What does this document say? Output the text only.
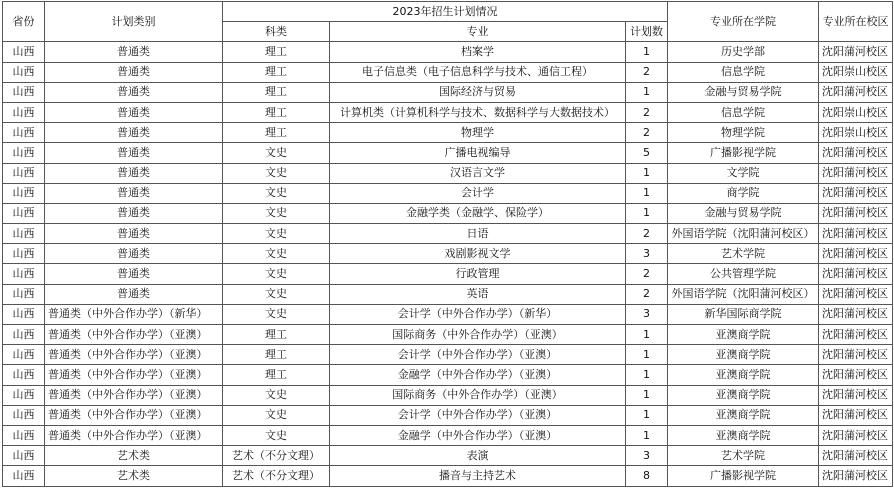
省份	计划类别	2023年招生计划情况			专业所在学院	专业所在校区
		科类	专业	计划数		
山西	普通类	理工	档案学	1	历史学部	沈阳蒲河校区
山西	普通类	理工	电子信息类（电子信息科学与技术、通信工程）	2	信息学院	沈阳崇山校区
山西	普通类	理工	国际经济与贸易	1	金融与贸易学院	沈阳蒲河校区
山西	普通类	理工	计算机类（计算机科学与技术、数据科学与大数据技术）	2	信息学院	沈阳崇山校区
山西	普通类	理工	物理学	2	物理学院	沈阳崇山校区
山西	普通类	文史	广播电视编导	5	广播影视学院	沈阳蒲河校区
山西	普通类	文史	汉语言文学	1	文学院	沈阳蒲河校区
山西	普通类	文史	会计学	1	商学院	沈阳蒲河校区
山西	普通类	文史	金融学类（金融学、保险学）	1	金融与贸易学院	沈阳蒲河校区
山西	普通类	文史	日语	2	外国语学院（沈阳蒲河校区）	沈阳蒲河校区
山西	普通类	文史	戏剧影视文学	3	艺术学院	沈阳蒲河校区
山西	普通类	文史	行政管理	2	公共管理学院	沈阳蒲河校区
山西	普通类	文史	英语	2	外国语学院（沈阳蒲河校区）	沈阳蒲河校区
山西	普通类（中外合作办学）（新华）	文史	会计学（中外合作办学）（新华）	3	新华国际商学院	沈阳蒲河校区
山西	普通类（中外合作办学）（亚澳）	理工	国际商务（中外合作办学）（亚澳）	1	亚澳商学院	沈阳蒲河校区
山西	普通类（中外合作办学）（亚澳）	理工	会计学（中外合作办学）（亚澳）	1	亚澳商学院	沈阳蒲河校区
山西	普通类（中外合作办学）（亚澳）	理工	金融学（中外合作办学）（亚澳）	1	亚澳商学院	沈阳蒲河校区
山西	普通类（中外合作办学）（亚澳）	文史	国际商务（中外合作办学）（亚澳）	1	亚澳商学院	沈阳蒲河校区
山西	普通类（中外合作办学）（亚澳）	文史	会计学（中外合作办学）（亚澳）	1	亚澳商学院	沈阳蒲河校区
山西	普通类（中外合作办学）（亚澳）	文史	金融学（中外合作办学）（亚澳）	1	亚澳商学院	沈阳蒲河校区
山西	艺术类	艺术（不分文理）	表演	3	艺术学院	沈阳蒲河校区
山西	艺术类	艺术（不分文理）	播音与主持艺术	8	广播影视学院	沈阳蒲河校区
